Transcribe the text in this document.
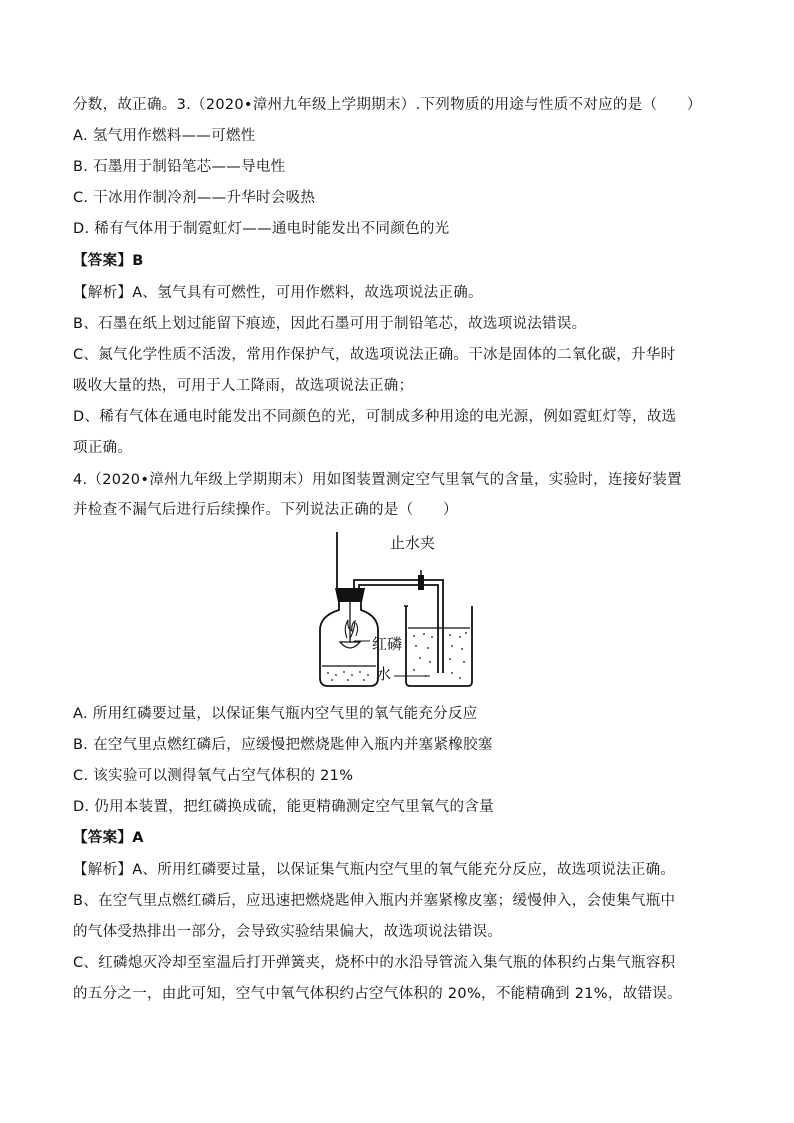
分数，故正确。3.（2020•漳州九年级上学期期末）.下列物质的用途与性质不对应的是（　　）
A. 氢气用作燃料——可燃性
B. 石墨用于制铅笔芯——导电性
C. 干冰用作制冷剂——升华时会吸热
D. 稀有气体用于制霓虹灯——通电时能发出不同颜色的光
【答案】B
【解析】A、氢气具有可燃性，可用作燃料，故选项说法正确。
B、石墨在纸上划过能留下痕迹，因此石墨可用于制铅笔芯，故选项说法错误。
C、氮气化学性质不活泼，常用作保护气，故选项说法正确。干冰是固体的二氧化碳，升华时
吸收大量的热，可用于人工降雨，故选项说法正确；
D、稀有气体在通电时能发出不同颜色的光，可制成多种用途的电光源，例如霓虹灯等，故选
项正确。
4.（2020•漳州九年级上学期期末）用如图装置测定空气里氧气的含量，实验时，连接好装置
并检查不漏气后进行后续操作。下列说法正确的是（　　）
止水夹
红磷
水
A. 所用红磷要过量，以保证集气瓶内空气里的氧气能充分反应
B. 在空气里点燃红磷后，应缓慢把燃烧匙伸入瓶内并塞紧橡胶塞
C. 该实验可以测得氧气占空气体积的 21%
D. 仍用本装置，把红磷换成硫，能更精确测定空气里氧气的含量
【答案】A
【解析】A、所用红磷要过量，以保证集气瓶内空气里的氧气能充分反应，故选项说法正确。
B、在空气里点燃红磷后，应迅速把燃烧匙伸入瓶内并塞紧橡皮塞；缓慢伸入，会使集气瓶中
的气体受热排出一部分，会导致实验结果偏大，故选项说法错误。
C、红磷熄灭冷却至室温后打开弹簧夹，烧杯中的水沿导管流入集气瓶的体积约占集气瓶容积
的五分之一，由此可知，空气中氧气体积约占空气体积的 20%，不能精确到 21%，故错误。
